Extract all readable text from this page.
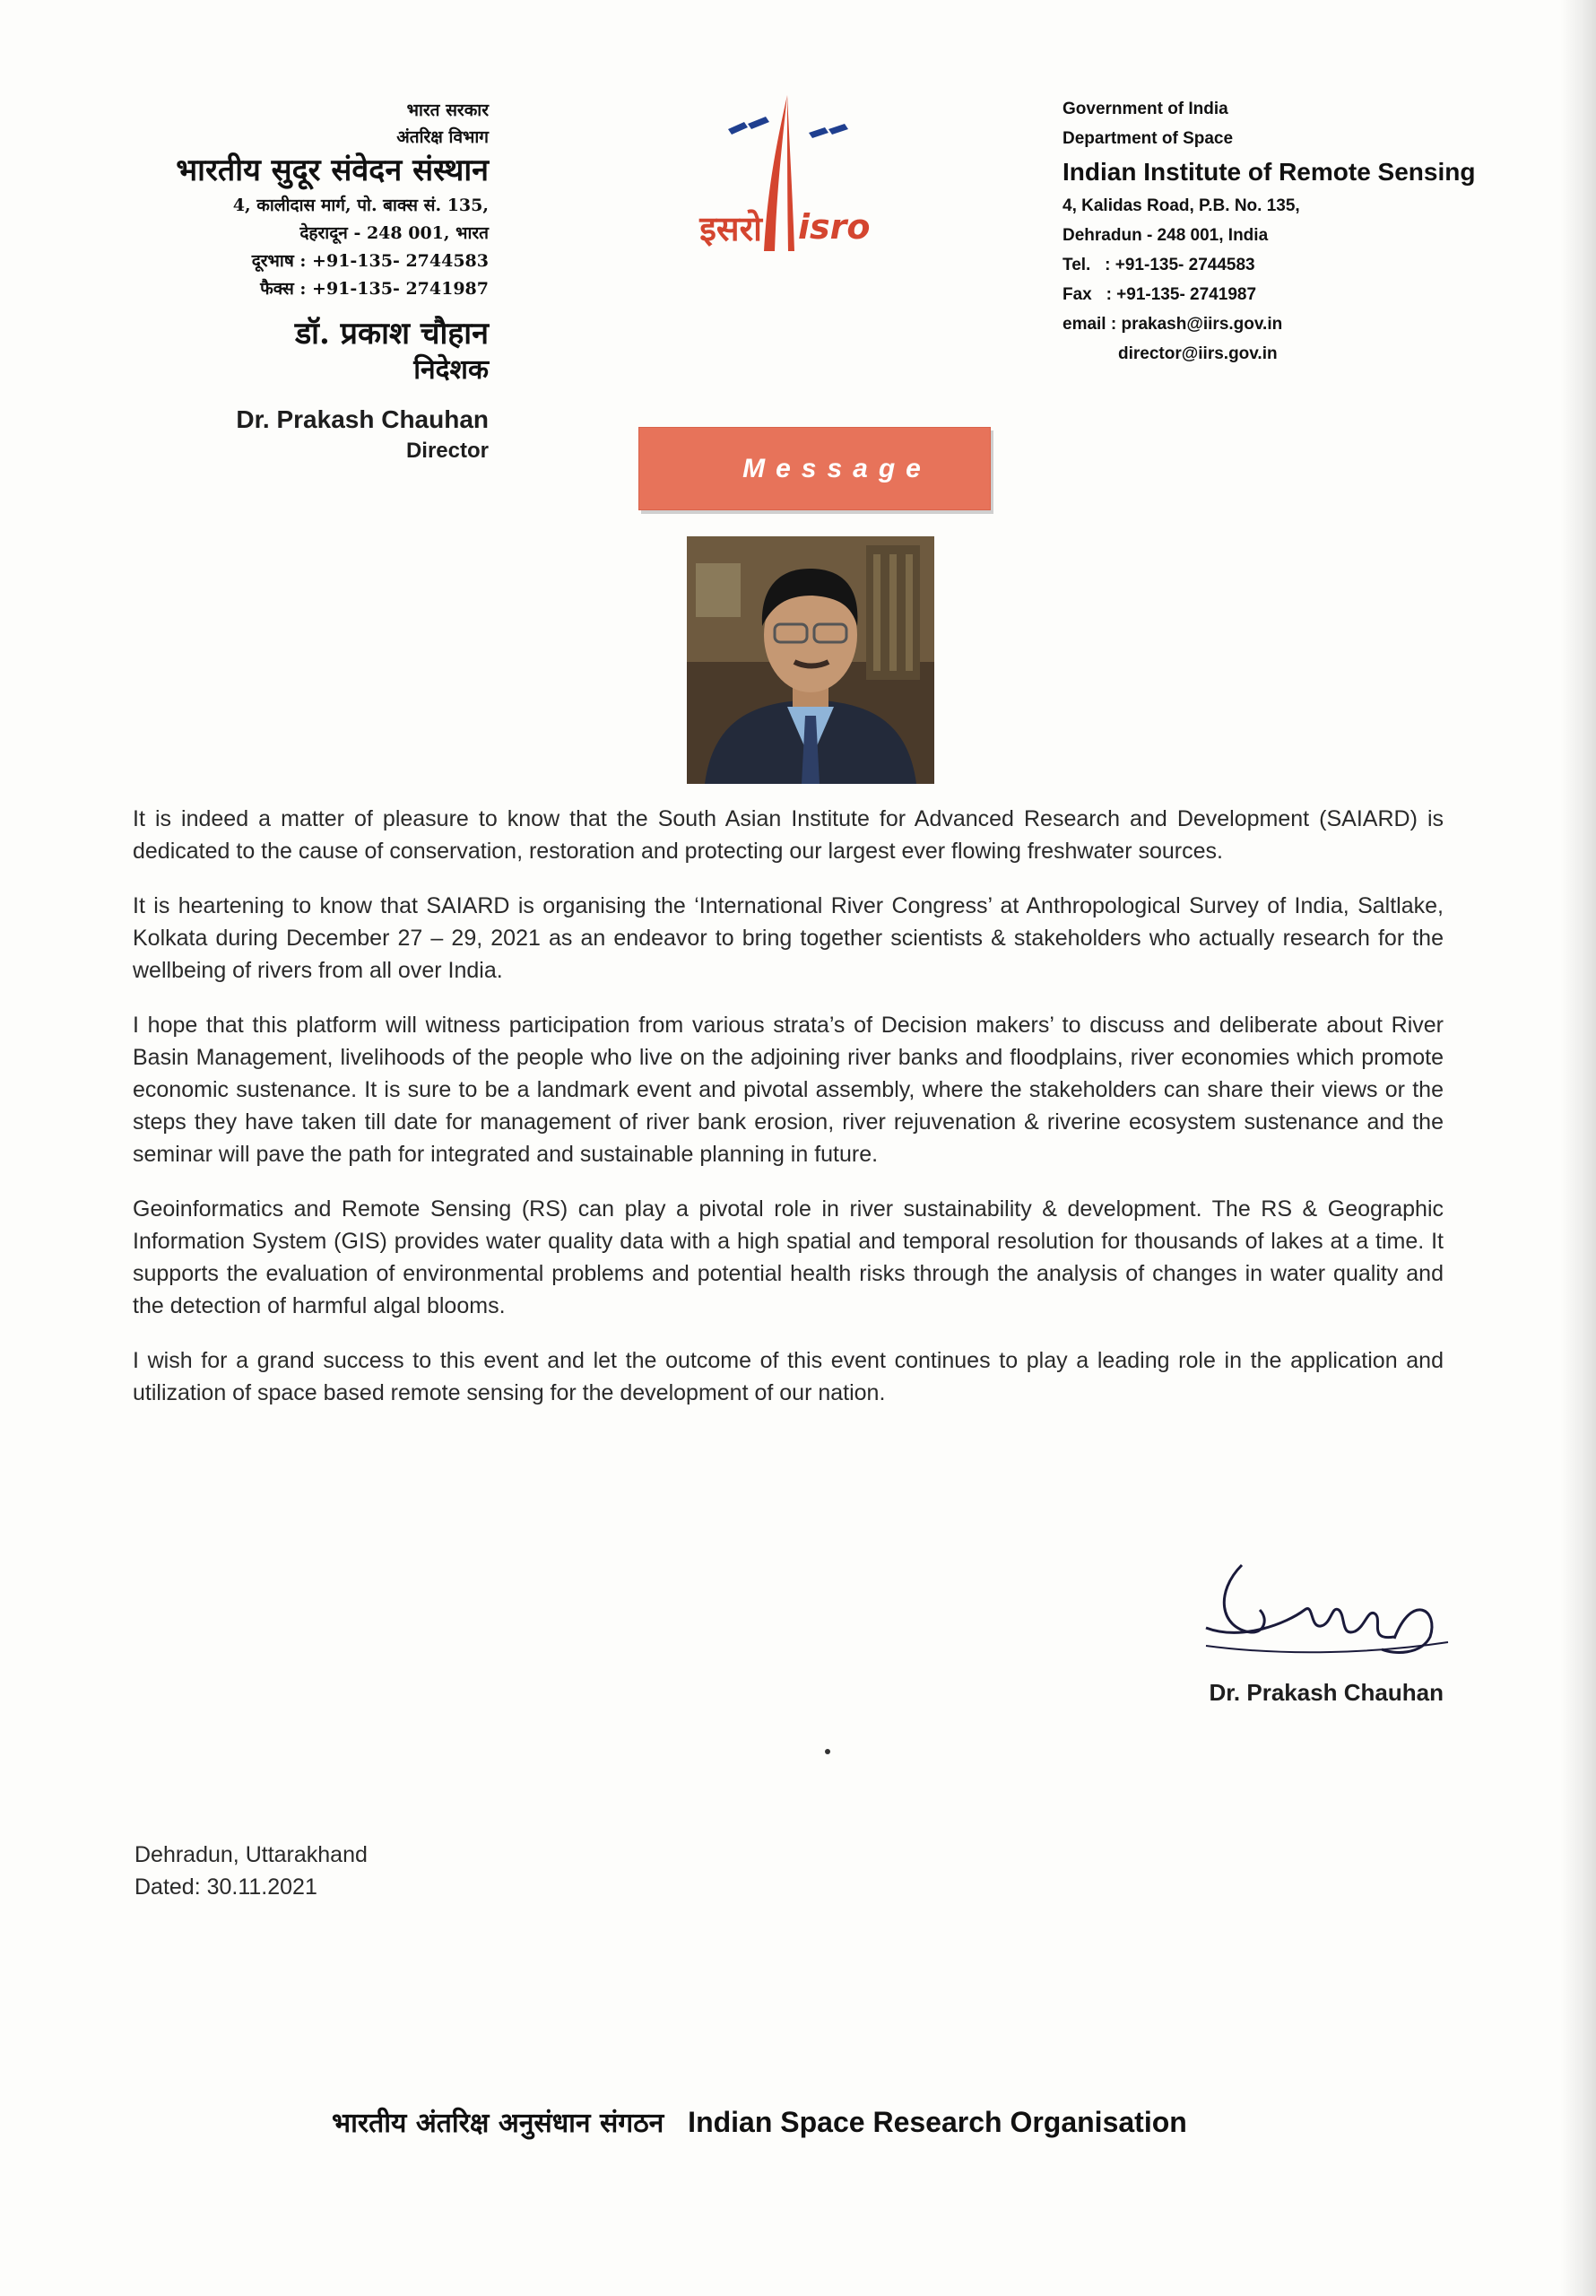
भारत सरकार
अंतरिक्ष विभाग
भारतीय सुदूर संवेदन संस्थान
4, कालीदास मार्ग, पो. बाक्स सं. 135,
देहरादून - 248 001, भारत
दूरभाष : +91-135- 2744583
फैक्स : +91-135- 2741987
डॉ. प्रकाश चौहान
निदेशक
Dr. Prakash Chauhan
Director
इसरो isro
Government of India
Department of Space
Indian Institute of Remote Sensing
4, Kalidas Road, P.B. No. 135,
Dehradun - 248 001, India
Tel.   : +91-135- 2744583
Fax   : +91-135- 2741987
email : prakash@iirs.gov.in
director@iirs.gov.in
Message

It is indeed a matter of pleasure to know that the South Asian Institute for Advanced Research and Development (SAIARD) is dedicated to the cause of conservation, restoration and protecting our largest ever flowing freshwater sources.

It is heartening to know that SAIARD is organising the ‘International River Congress’ at Anthropological Survey of India, Saltlake, Kolkata during December 27 – 29, 2021 as an endeavor to bring together scientists & stakeholders who actually research for the wellbeing of rivers from all over India.

I hope that this platform will witness participation from various strata’s of Decision makers’ to discuss and deliberate about River Basin Management, livelihoods of the people who live on the adjoining river banks and floodplains, river economies which promote economic sustenance. It is sure to be a landmark event and pivotal assembly, where the stakeholders can share their views or the steps they have taken till date for management of river bank erosion, river rejuvenation & riverine ecosystem sustenance and the seminar will pave the path for integrated and sustainable planning in future.

Geoinformatics and Remote Sensing (RS) can play a pivotal role in river sustainability & development. The RS & Geographic Information System (GIS) provides water quality data with a high spatial and temporal resolution for thousands of lakes at a time. It supports the evaluation of environmental problems and potential health risks through the analysis of changes in water quality and the detection of harmful algal blooms.

I wish for a grand success to this event and let the outcome of this event continues to play a leading role in the application and utilization of space based remote sensing for the development of our nation.

Dr. Prakash Chauhan
Dehradun, Uttarakhand
Dated: 30.11.2021
भारतीय अंतरिक्ष अनुसंधान संगठन Indian Space Research Organisation
